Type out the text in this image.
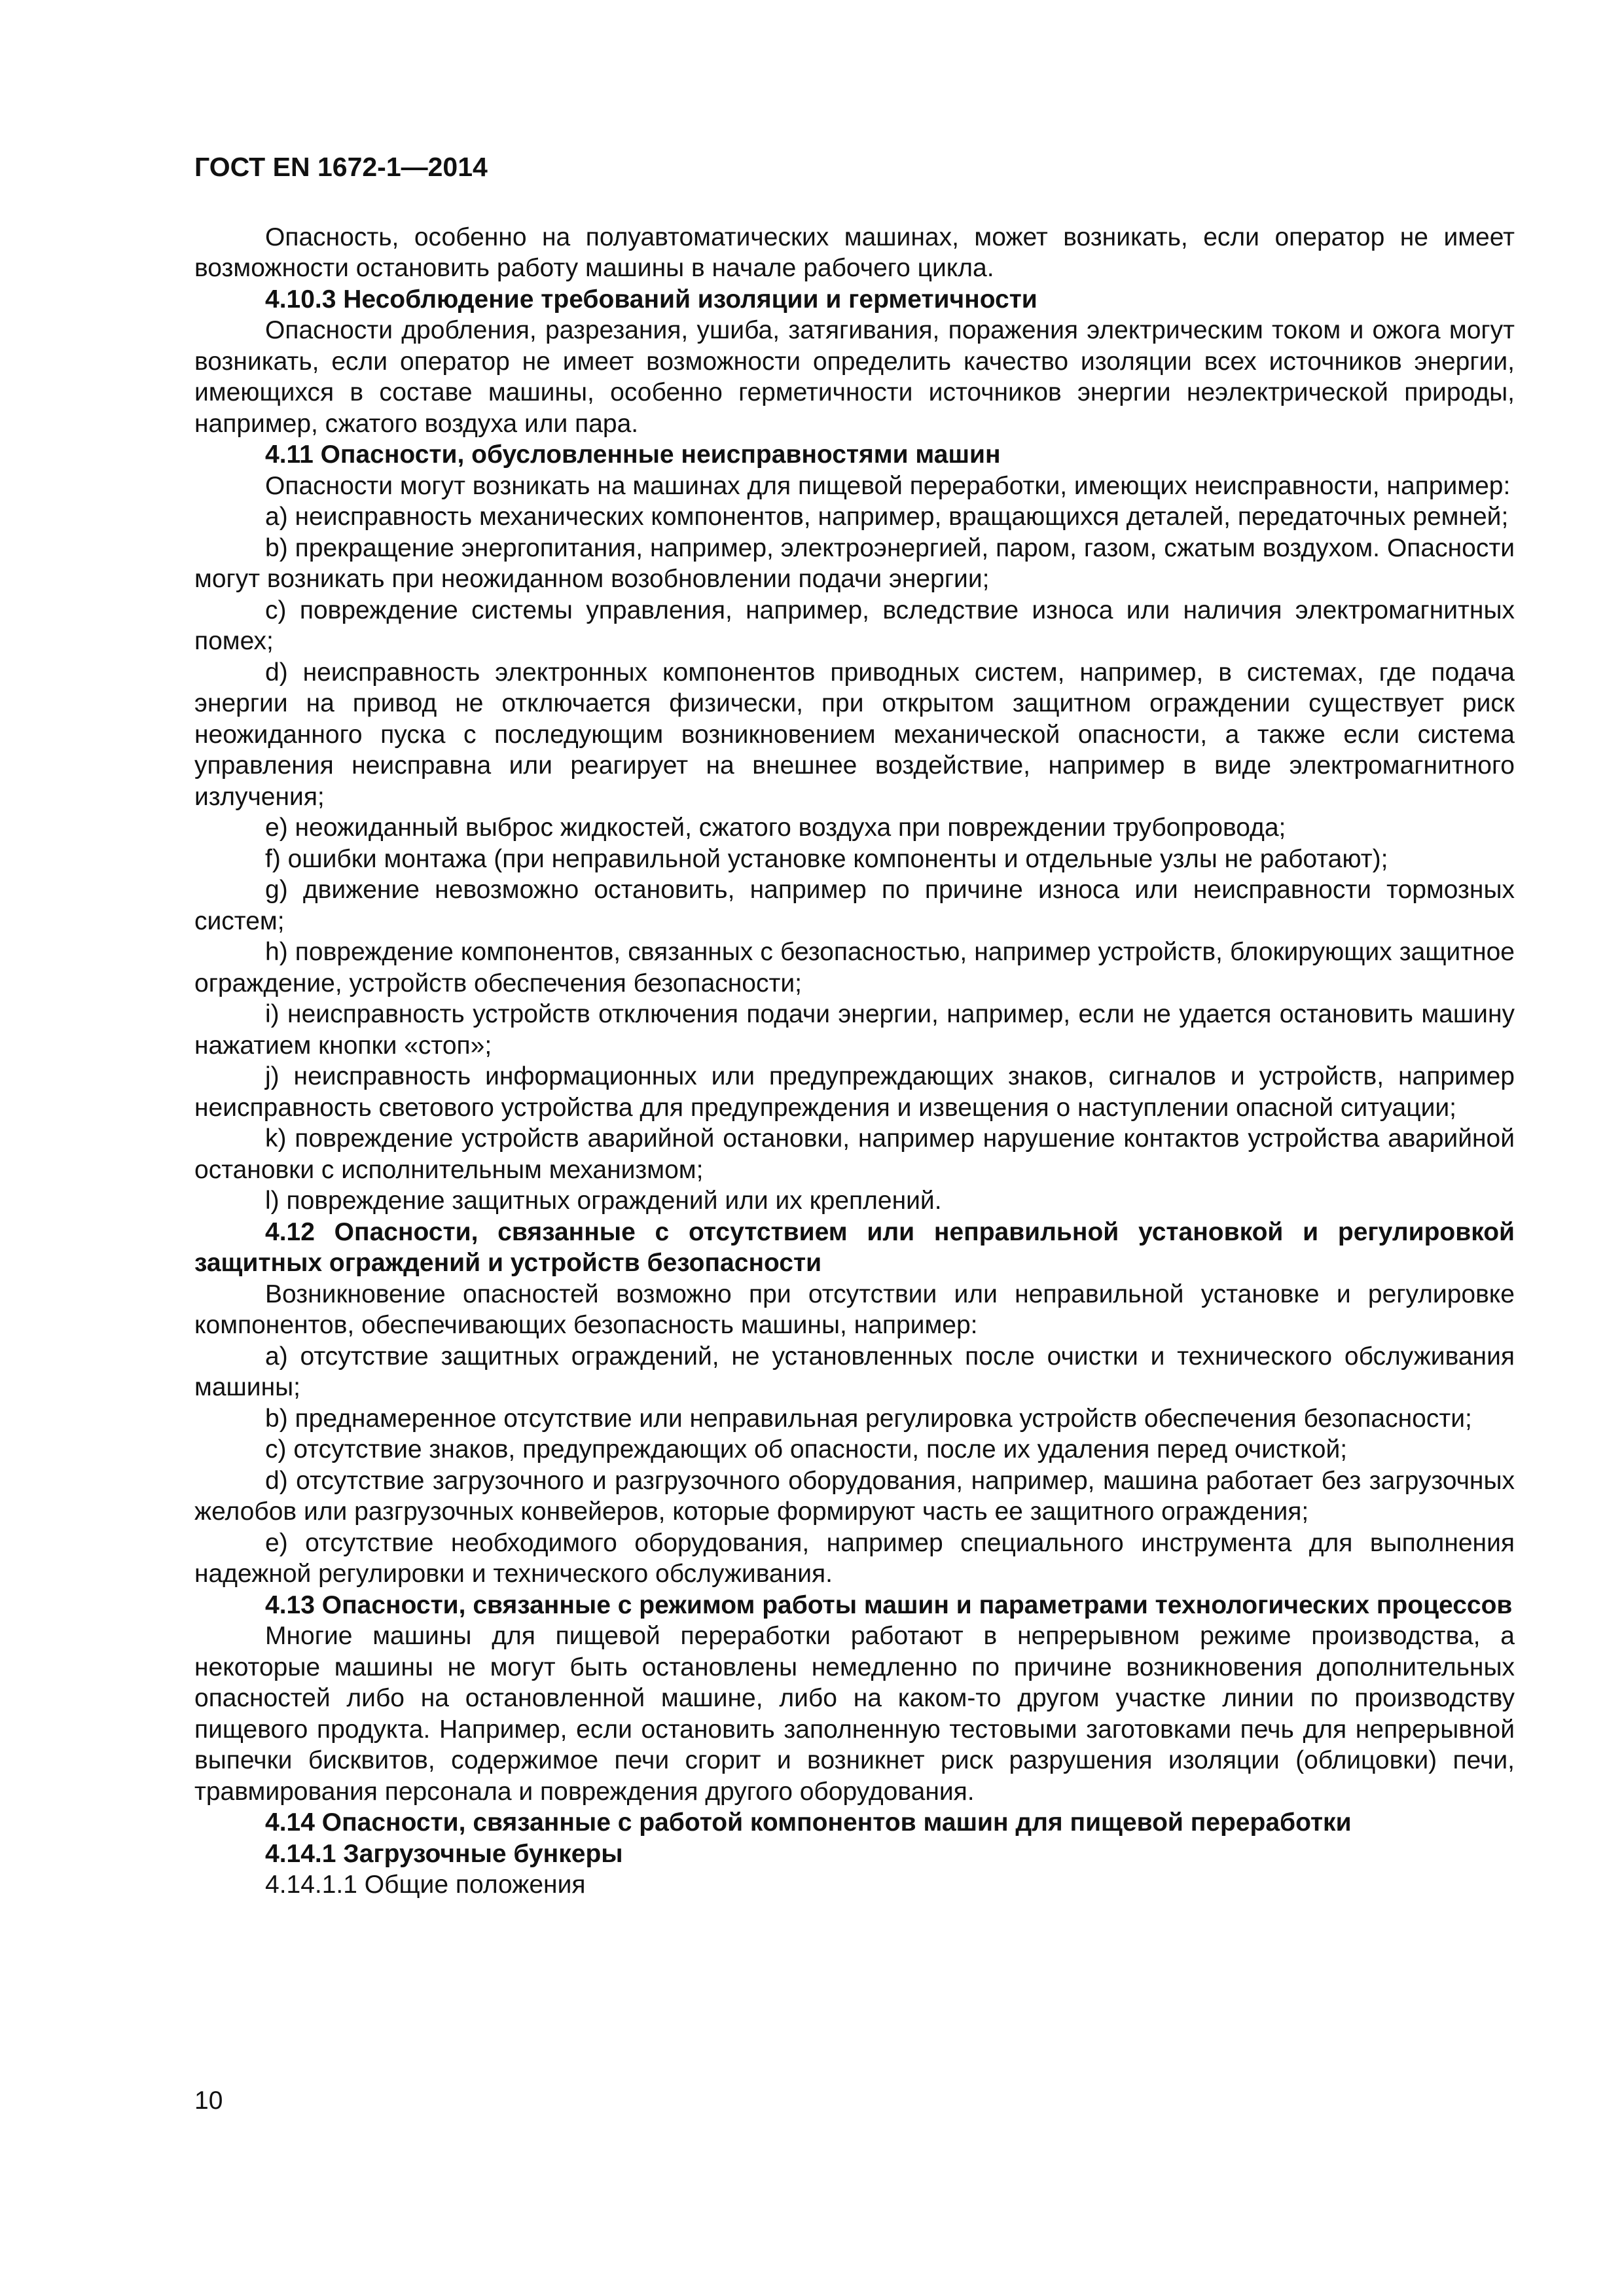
ГОСТ EN 1672-1—2014

Опасность, особенно на полуавтоматических машинах, может возникать, если оператор не имеет возможности остановить работу машины в начале рабочего цикла.

4.10.3 Несоблюдение требований изоляции и герметичности

Опасности дробления, разрезания, ушиба, затягивания, поражения электрическим током и ожога могут возникать, если оператор не имеет возможности определить качество изоляции всех источников энергии, имеющихся в составе машины, особенно герметичности источников энергии неэлектрической природы, например, сжатого воздуха или пара.

4.11 Опасности, обусловленные неисправностями машин

Опасности могут возникать на машинах для пищевой переработки, имеющих неисправности, например:

a) неисправность механических компонентов, например, вращающихся деталей, передаточных ремней;

b) прекращение энергопитания, например, электроэнергией, паром, газом, сжатым воздухом. Опасности могут возникать при неожиданном возобновлении подачи энергии;

c) повреждение системы управления, например, вследствие износа или наличия электромагнитных помех;

d) неисправность электронных компонентов приводных систем, например, в системах, где подача энергии на привод не отключается физически, при открытом защитном ограждении существует риск неожиданного пуска с последующим возникновением механической опасности, а также если система управления неисправна или реагирует на внешнее воздействие, например в виде электромагнитного излучения;

e) неожиданный выброс жидкостей, сжатого воздуха при повреждении трубопровода;

f) ошибки монтажа (при неправильной установке компоненты и отдельные узлы не работают);

g) движение невозможно остановить, например по причине износа или неисправности тормозных систем;

h) повреждение компонентов, связанных с безопасностью, например устройств, блокирующих защитное ограждение, устройств обеспечения безопасности;

i) неисправность устройств отключения подачи энергии, например, если не удается остановить машину нажатием кнопки «стоп»;

j) неисправность информационных или предупреждающих знаков, сигналов и устройств, например неисправность светового устройства для предупреждения и извещения о наступлении опасной ситуации;

k) повреждение устройств аварийной остановки, например нарушение контактов устройства аварийной остановки с исполнительным механизмом;

l) повреждение защитных ограждений или их креплений.

4.12 Опасности, связанные с отсутствием или неправильной установкой и регулировкой защитных ограждений и устройств безопасности

Возникновение опасностей возможно при отсутствии или неправильной установке и регулировке компонентов, обеспечивающих безопасность машины, например:

a) отсутствие защитных ограждений, не установленных после очистки и технического обслуживания машины;

b) преднамеренное отсутствие или неправильная регулировка устройств обеспечения безопасности;

c) отсутствие знаков, предупреждающих об опасности, после их удаления перед очисткой;

d) отсутствие загрузочного и разгрузочного оборудования, например, машина работает без загрузочных желобов или разгрузочных конвейеров, которые формируют часть ее защитного ограждения;

e) отсутствие необходимого оборудования, например специального инструмента для выполнения надежной регулировки и технического обслуживания.

4.13 Опасности, связанные с режимом работы машин и параметрами технологических процессов

Многие машины для пищевой переработки работают в непрерывном режиме производства, а некоторые машины не могут быть остановлены немедленно по причине возникновения дополнительных опасностей либо на остановленной машине, либо на каком-то другом участке линии по производству пищевого продукта. Например, если остановить заполненную тестовыми заготовками печь для непрерывной выпечки бисквитов, содержимое печи сгорит и возникнет риск разрушения изоляции (облицовки) печи, травмирования персонала и повреждения другого оборудования.

4.14 Опасности, связанные с работой компонентов машин для пищевой переработки

4.14.1 Загрузочные бункеры

4.14.1.1 Общие положения

10
